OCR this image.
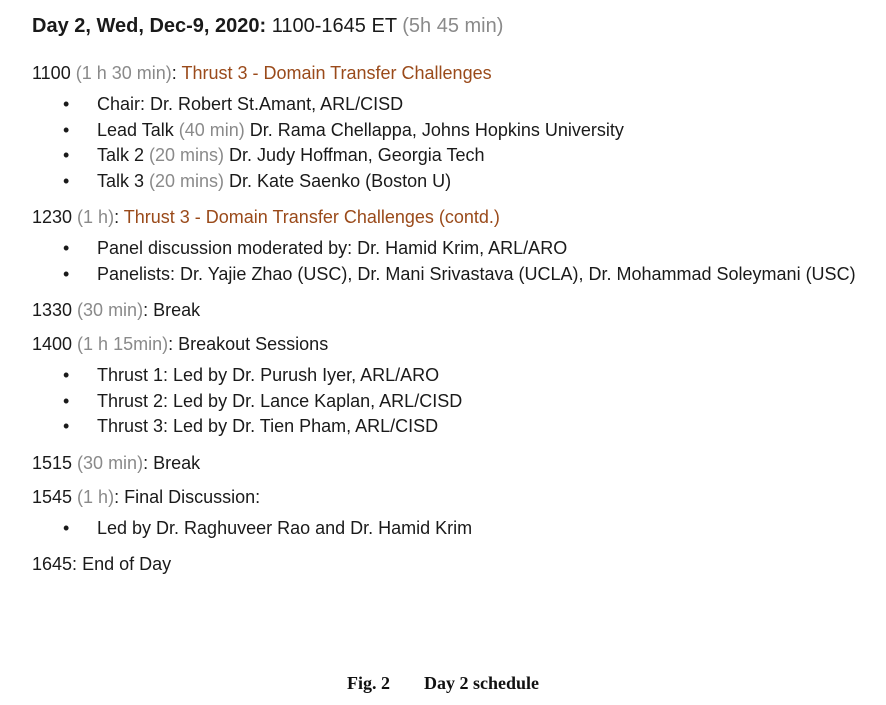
Day 2, Wed, Dec-9, 2020: 1100-1645 ET (5h 45 min)
1100 (1 h 30 min): Thrust 3 - Domain Transfer Challenges
• Chair: Dr. Robert St.Amant, ARL/CISD
• Lead Talk (40 min) Dr. Rama Chellappa, Johns Hopkins University
• Talk 2 (20 mins) Dr. Judy Hoffman, Georgia Tech
• Talk 3 (20 mins) Dr. Kate Saenko (Boston U)
1230 (1 h): Thrust 3 - Domain Transfer Challenges (contd.)
• Panel discussion moderated by: Dr. Hamid Krim, ARL/ARO
• Panelists: Dr. Yajie Zhao (USC), Dr. Mani Srivastava (UCLA), Dr. Mohammad Soleymani (USC)
1330 (30 min): Break
1400 (1 h 15min): Breakout Sessions
• Thrust 1: Led by Dr. Purush Iyer, ARL/ARO
• Thrust 2: Led by Dr. Lance Kaplan, ARL/CISD
• Thrust 3: Led by Dr. Tien Pham, ARL/CISD
1515 (30 min): Break
1545 (1 h): Final Discussion:
• Led by Dr. Raghuveer Rao and Dr. Hamid Krim
1645: End of Day
Fig. 2 Day 2 schedule
